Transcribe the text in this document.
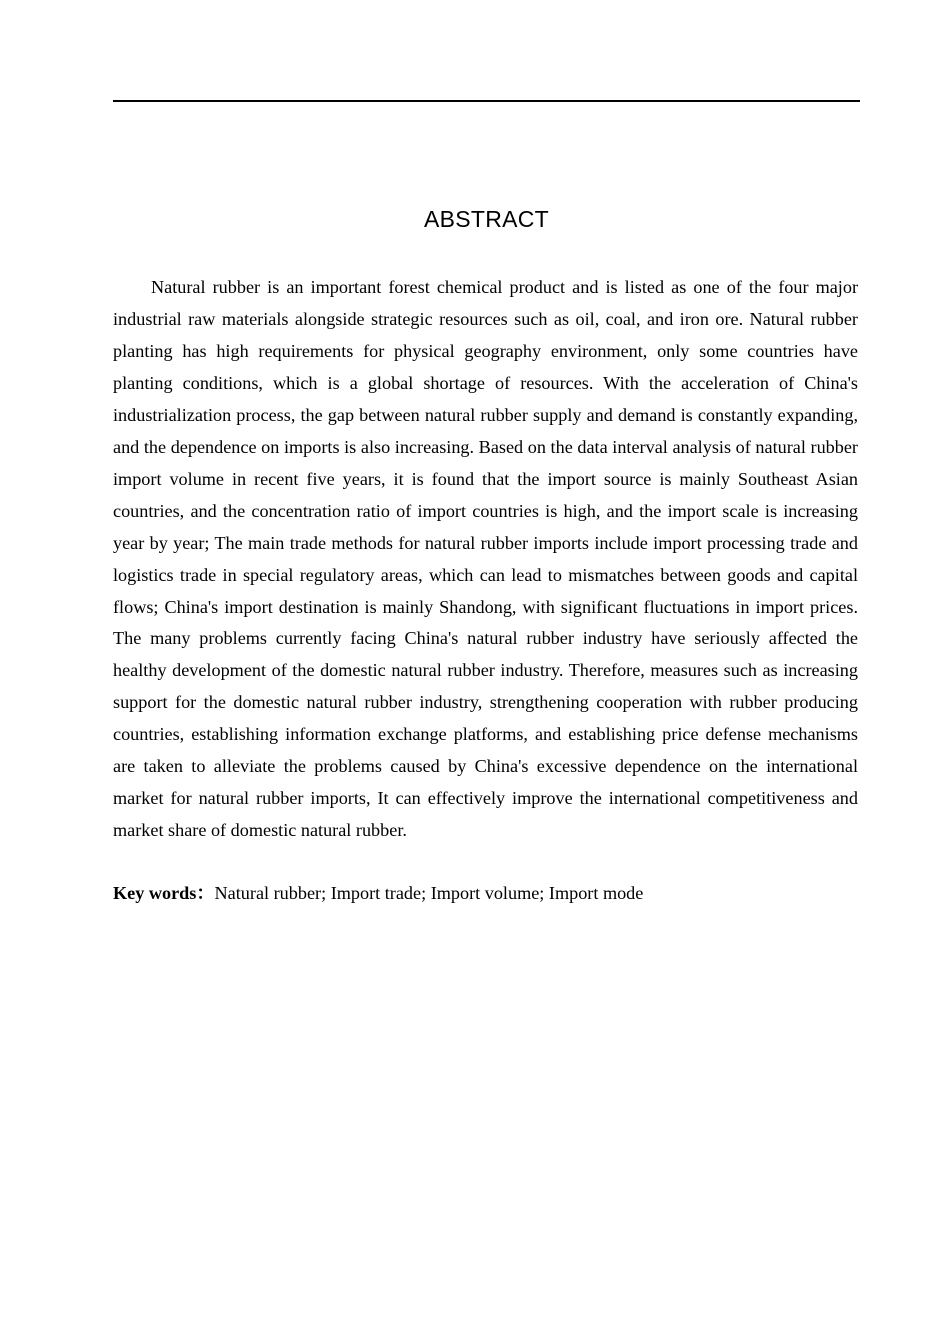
ABSTRACT

Natural rubber is an important forest chemical product and is listed as one of the four major industrial raw materials alongside strategic resources such as oil, coal, and iron ore. Natural rubber planting has high requirements for physical geography environment, only some countries have planting conditions, which is a global shortage of resources. With the acceleration of China's industrialization process, the gap between natural rubber supply and demand is constantly expanding, and the dependence on imports is also increasing. Based on the data interval analysis of natural rubber import volume in recent five years, it is found that the import source is mainly Southeast Asian countries, and the concentration ratio of import countries is high, and the import scale is increasing year by year; The main trade methods for natural rubber imports include import processing trade and logistics trade in special regulatory areas, which can lead to mismatches between goods and capital flows; China's import destination is mainly Shandong, with significant fluctuations in import prices. The many problems currently facing China's natural rubber industry have seriously affected the healthy development of the domestic natural rubber industry. Therefore, measures such as increasing support for the domestic natural rubber industry, strengthening cooperation with rubber producing countries, establishing information exchange platforms, and establishing price defense mechanisms are taken to alleviate the problems caused by China's excessive dependence on the international market for natural rubber imports, It can effectively improve the international competitiveness and market share of domestic natural rubber.

Key words：Natural rubber; Import trade; Import volume; Import mode
